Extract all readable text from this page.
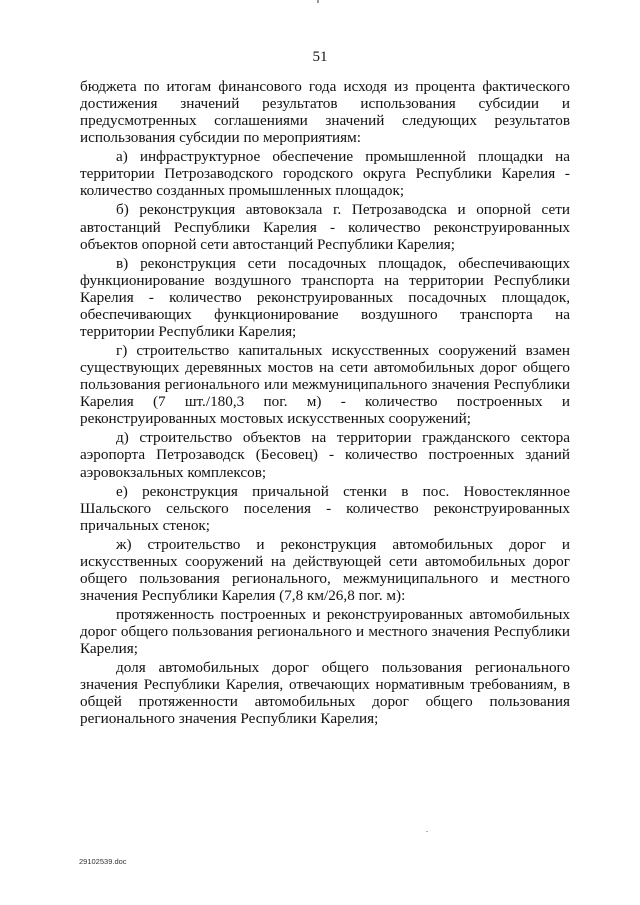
51

бюджета по итогам финансового года исходя из процента фактического достижения значений результатов использования субсидии и предусмотренных соглашениями значений следующих результатов использования субсидии по мероприятиям:

а) инфраструктурное обеспечение промышленной площадки на территории Петрозаводского городского округа Республики Карелия - количество созданных промышленных площадок;

б) реконструкция автовокзала г. Петрозаводска и опорной сети автостанций Республики Карелия - количество реконструированных объектов опорной сети автостанций Республики Карелия;

в) реконструкция сети посадочных площадок, обеспечивающих функционирование воздушного транспорта на территории Республики Карелия - количество реконструированных посадочных площадок, обеспечивающих функционирование воздушного транспорта на территории Республики Карелия;

г) строительство капитальных искусственных сооружений взамен существующих деревянных мостов на сети автомобильных дорог общего пользования регионального или межмуниципального значения Республики Карелия (7 шт./180,3 пог. м) - количество построенных и реконструированных мостовых искусственных сооружений;

д) строительство объектов на территории гражданского сектора аэропорта Петрозаводск (Бесовец) - количество построенных зданий аэровокзальных комплексов;

е) реконструкция причальной стенки в пос. Новостеклянное Шальского сельского поселения - количество реконструированных причальных стенок;

ж) строительство и реконструкция автомобильных дорог и искусственных сооружений на действующей сети автомобильных дорог общего пользования регионального, межмуниципального и местного значения Республики Карелия (7,8 км/26,8 пог. м):

протяженность построенных и реконструированных автомобильных дорог общего пользования регионального и местного значения Республики Карелия;

доля автомобильных дорог общего пользования регионального значения Республики Карелия, отвечающих нормативным требованиям, в общей протяженности автомобильных дорог общего пользования регионального значения Республики Карелия;

29102539.doc
